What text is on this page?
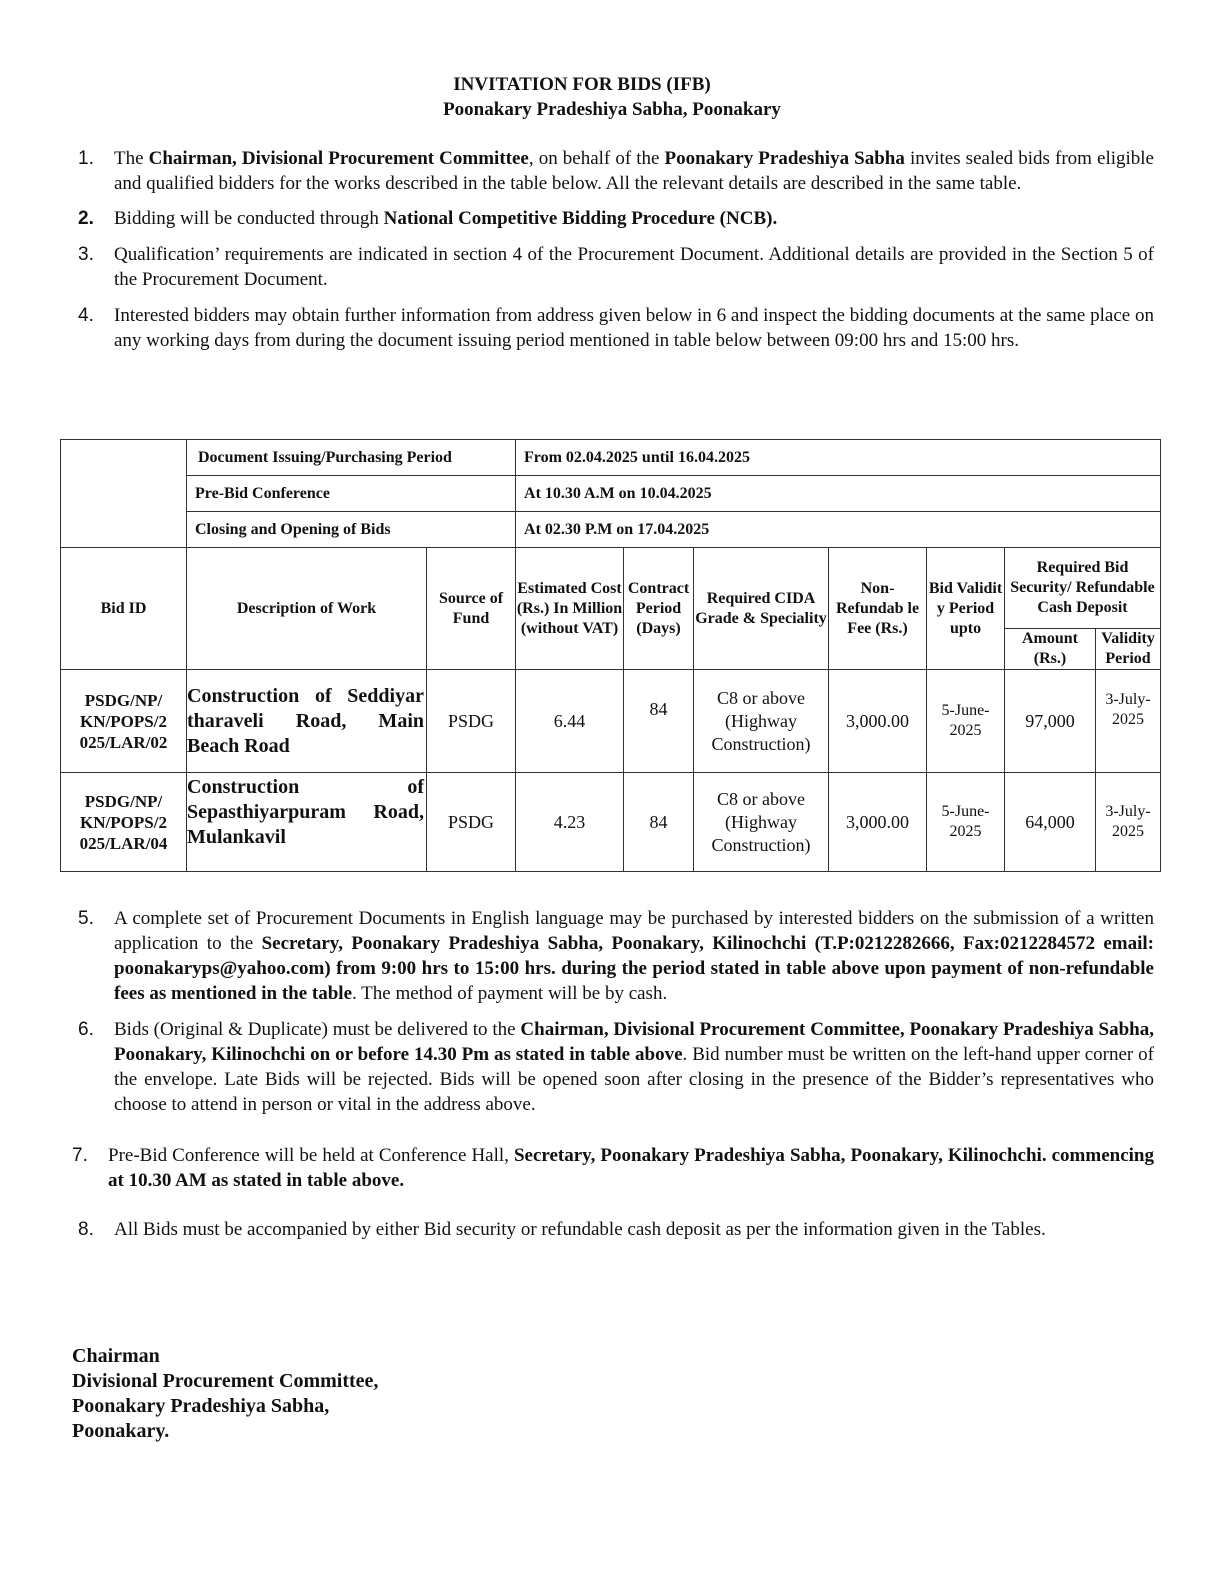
INVITATION FOR BIDS (IFB)
Poonakary Pradeshiya Sabha, Poonakary
1. The Chairman, Divisional Procurement Committee, on behalf of the Poonakary Pradeshiya Sabha invites sealed bids from eligible and qualified bidders for the works described in the table below. All the relevant details are described in the same table.
2. Bidding will be conducted through National Competitive Bidding Procedure (NCB).
3. Qualification’ requirements are indicated in section 4 of the Procurement Document. Additional details are provided in the Section 5 of the Procurement Document.
4. Interested bidders may obtain further information from address given below in 6 and inspect the bidding documents at the same place on any working days from during the document issuing period mentioned in table below between 09:00 hrs and 15:00 hrs.
	Document Issuing/Purchasing Period		From 02.04.2025 until 16.04.2025						
	Pre-Bid Conference		At 10.30 A.M on 10.04.2025						
	Closing and Opening of Bids		At 02.30 P.M on 17.04.2025						
Bid ID	Description of Work	Source of Fund	Estimated Cost (Rs.) In Million (without VAT)	Contract Period (Days)	Required CIDA Grade & Speciality	Non-Refundab le Fee (Rs.)	Bid Validit y Period upto	Required Bid Security/ Refundable Cash Deposit	
								Amount (Rs.)	Validity Period
PSDG/NP/ KN/POPS/2 025/LAR/02	Construction of Seddiyar tharaveli Road, Main Beach Road	PSDG	6.44	84	C8 or above (Highway Construction)	3,000.00	5-June-2025	97,000	3-July-2025
PSDG/NP/ KN/POPS/2 025/LAR/04	Construction of Sepasthiyarpuram Road, Mulankavil	PSDG	4.23	84	C8 or above (Highway Construction)	3,000.00	5-June-2025	64,000	3-July-2025
5. A complete set of Procurement Documents in English language may be purchased by interested bidders on the submission of a written application to the Secretary, Poonakary Pradeshiya Sabha, Poonakary, Kilinochchi (T.P:0212282666, Fax:0212284572 email: poonakaryps@yahoo.com) from 9:00 hrs to 15:00 hrs. during the period stated in table above upon payment of non-refundable fees as mentioned in the table. The method of payment will be by cash.
6. Bids (Original & Duplicate) must be delivered to the Chairman, Divisional Procurement Committee, Poonakary Pradeshiya Sabha, Poonakary, Kilinochchi on or before 14.30 Pm as stated in table above. Bid number must be written on the left-hand upper corner of the envelope. Late Bids will be rejected. Bids will be opened soon after closing in the presence of the Bidder’s representatives who choose to attend in person or vital in the address above.
7. Pre-Bid Conference will be held at Conference Hall, Secretary, Poonakary Pradeshiya Sabha, Poonakary, Kilinochchi. commencing at 10.30 AM as stated in table above.
8. All Bids must be accompanied by either Bid security or refundable cash deposit as per the information given in the Tables.
Chairman
Divisional Procurement Committee,
Poonakary Pradeshiya Sabha,
Poonakary.
